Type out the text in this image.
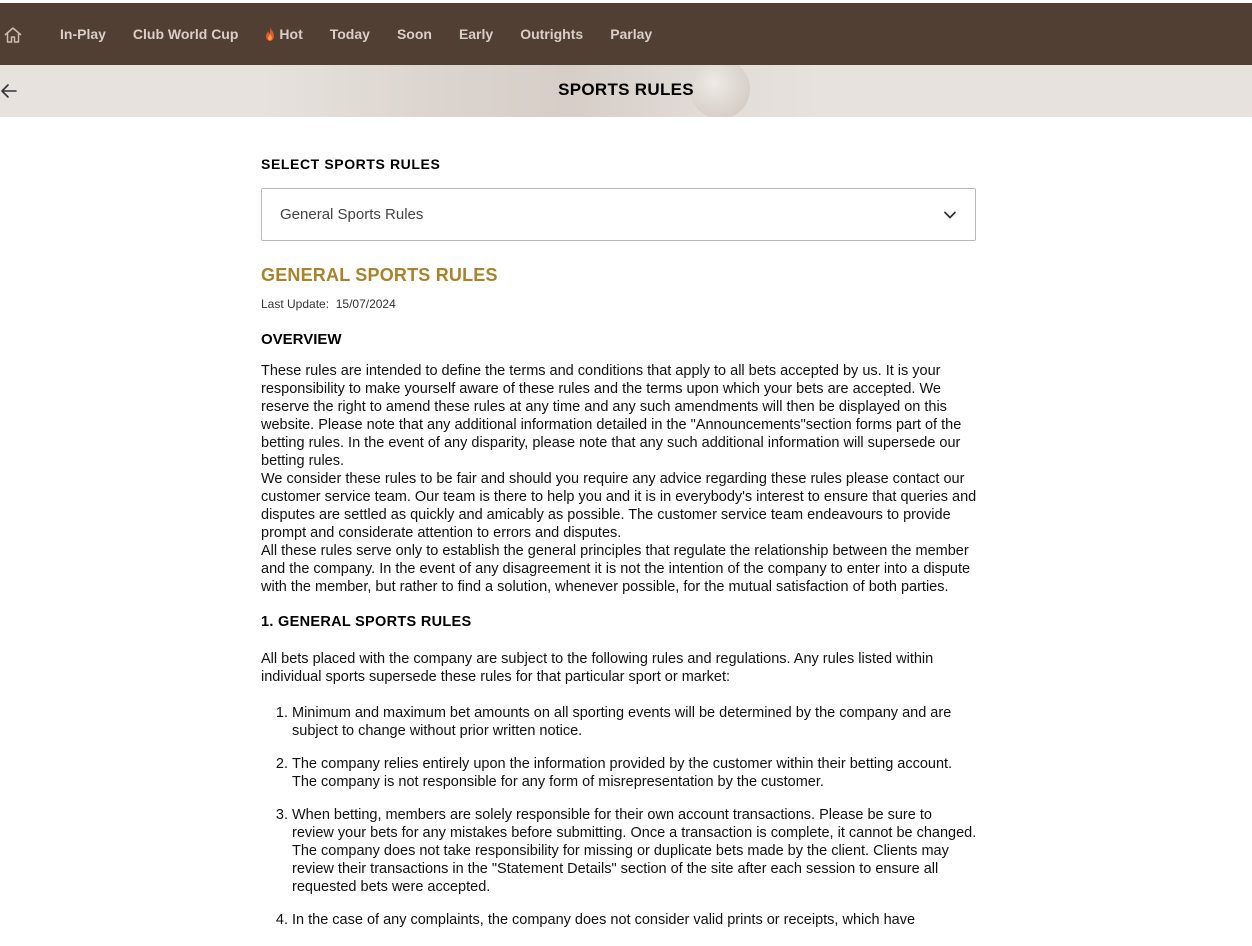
In-Play Club World Cup	Hot Today Soon Early Outrights Parlay
SPORTS RULES
SELECT SPORTS RULES
General Sports Rules
GENERAL SPORTS RULES
Last Update: 15/07/2024
OVERVIEW

These rules are intended to define the terms and conditions that apply to all bets accepted by us. It is your responsibility to make yourself aware of these rules and the terms upon which your bets are accepted. We reserve the right to amend these rules at any time and any such amendments will then be displayed on this website. Please note that any additional information detailed in the "Announcements"section forms part of the betting rules. In the event of any disparity, please note that any such additional information will supersede our betting rules.

We consider these rules to be fair and should you require any advice regarding these rules please contact our customer service team. Our team is there to help you and it is in everybody's interest to ensure that queries and disputes are settled as quickly and amicably as possible. The customer service team endeavours to provide prompt and considerate attention to errors and disputes.

All these rules serve only to establish the general principles that regulate the relationship between the member and the company. In the event of any disagreement it is not the intention of the company to enter into a dispute with the member, but rather to find a solution, whenever possible, for the mutual satisfaction of both parties.

1. GENERAL SPORTS RULES
All bets placed with the company are subject to the following rules and regulations. Any rules listed within individual sports supersede these rules for that particular sport or market:
1. Minimum and maximum bet amounts on all sporting events will be determined by the company and are subject to change without prior written notice.
2. The company relies entirely upon the information provided by the customer within their betting account. The company is not responsible for any form of misrepresentation by the customer.
3. When betting, members are solely responsible for their own account transactions. Please be sure to review your bets for any mistakes before submitting. Once a transaction is complete, it cannot be changed. The company does not take responsibility for missing or duplicate bets made by the client. Clients may review their transactions in the "Statement Details" section of the site after each session to ensure all requested bets were accepted.
4. In the case of any complaints, the company does not consider valid prints or receipts, which have
